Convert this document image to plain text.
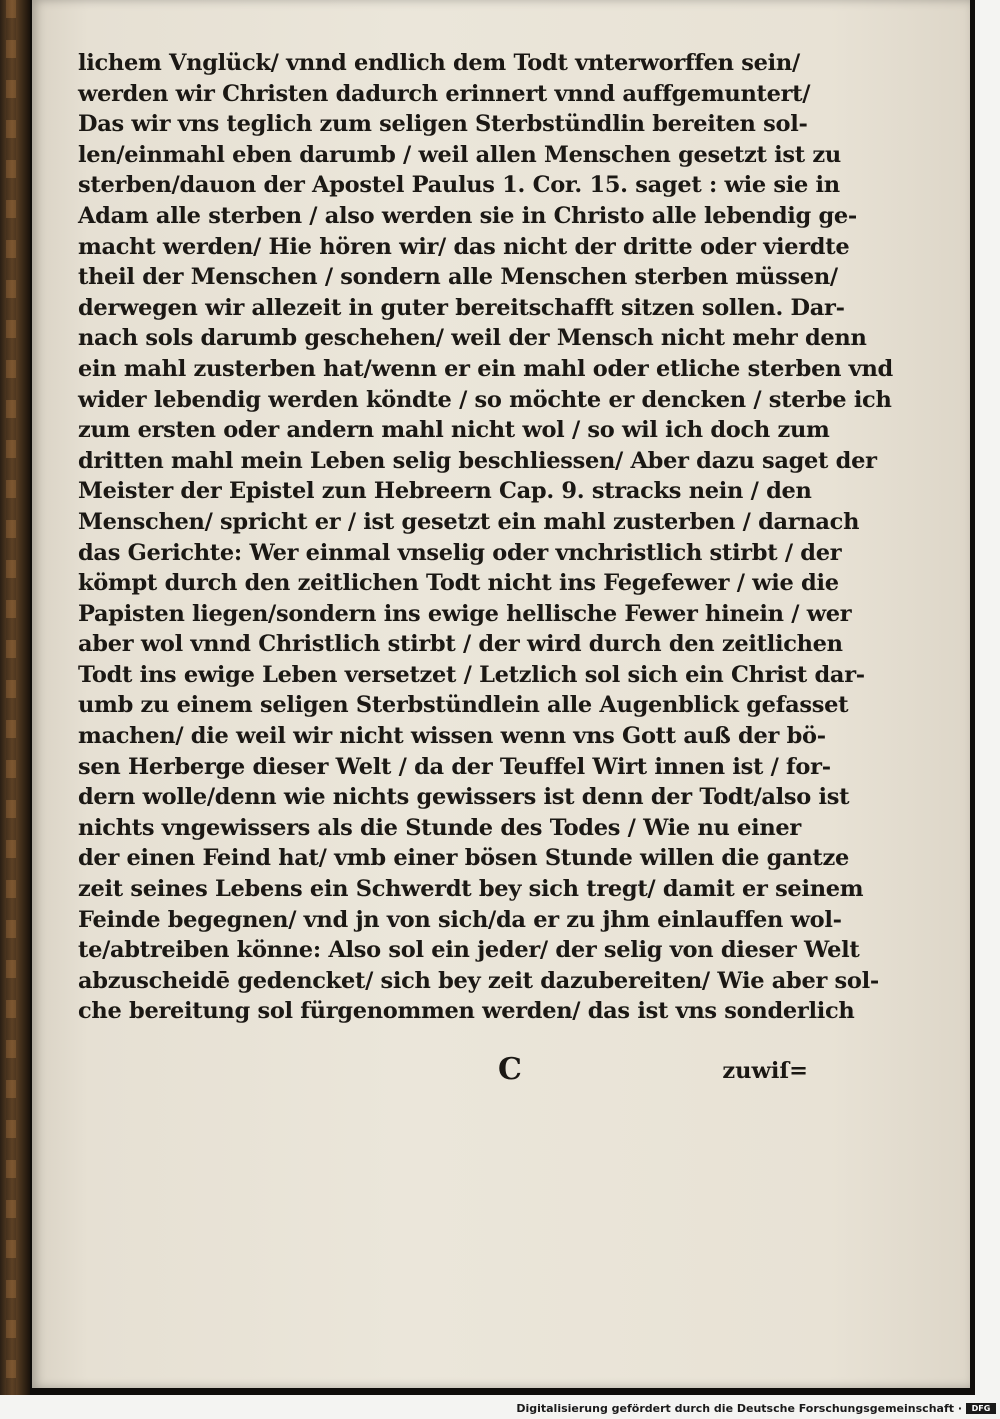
lichem Vnglück/ vnnd endlich dem Todt vnterworffen sein/
werden wir Christen dadurch erinnert vnnd auffgemuntert/
Das wir vns teglich zum seligen Sterbstündlin bereiten sol-
len/einmahl eben darumb / weil allen Menschen gesetzt ist zu
sterben/dauon der Apostel Paulus 1. Cor. 15. saget : wie sie in
Adam alle sterben / also werden sie in Christo alle lebendig ge-
macht werden/ Hie hören wir/ das nicht der dritte oder vierdte
theil der Menschen / sondern alle Menschen sterben müssen/
derwegen wir allezeit in guter bereitschafft sitzen sollen. Dar-
nach sols darumb geschehen/ weil der Mensch nicht mehr denn
ein mahl zusterben hat/wenn er ein mahl oder etliche sterben vnd
wider lebendig werden köndte / so möchte er dencken / sterbe ich
zum ersten oder andern mahl nicht wol / so wil ich doch zum
dritten mahl mein Leben selig beschliessen/ Aber dazu saget der
Meister der Epistel zun Hebreern Cap. 9. stracks nein / den
Menschen/ spricht er / ist gesetzt ein mahl zusterben / darnach
das Gerichte: Wer einmal vnselig oder vnchristlich stirbt / der
kömpt durch den zeitlichen Todt nicht ins Fegefewer / wie die
Papisten liegen/sondern ins ewige hellische Fewer hinein / wer
aber wol vnnd Christlich stirbt / der wird durch den zeitlichen
Todt ins ewige Leben versetzet / Letzlich sol sich ein Christ dar-
umb zu einem seligen Sterbstündlein alle Augenblick gefasset
machen/ die weil wir nicht wissen wenn vns Gott auß der bö-
sen Herberge dieser Welt / da der Teuffel Wirt innen ist / for-
dern wolle/denn wie nichts gewissers ist denn der Todt/also ist
nichts vngewissers als die Stunde des Todes / Wie nu einer
der einen Feind hat/ vmb einer bösen Stunde willen die gantze
zeit seines Lebens ein Schwerdt bey sich tregt/ damit er seinem
Feinde begegnen/ vnd jn von sich/da er zu jhm einlauffen wol-
te/abtreiben könne: Also sol ein jeder/ der selig von dieser Welt
abzuscheidē gedencket/ sich bey zeit dazubereiten/ Wie aber sol-
che bereitung sol fürgenommen werden/ das ist vns sonderlich
C	zuwiſ=
Digitalisierung gefördert durch die Deutsche Forschungsgemeinschaft ·	DFG
